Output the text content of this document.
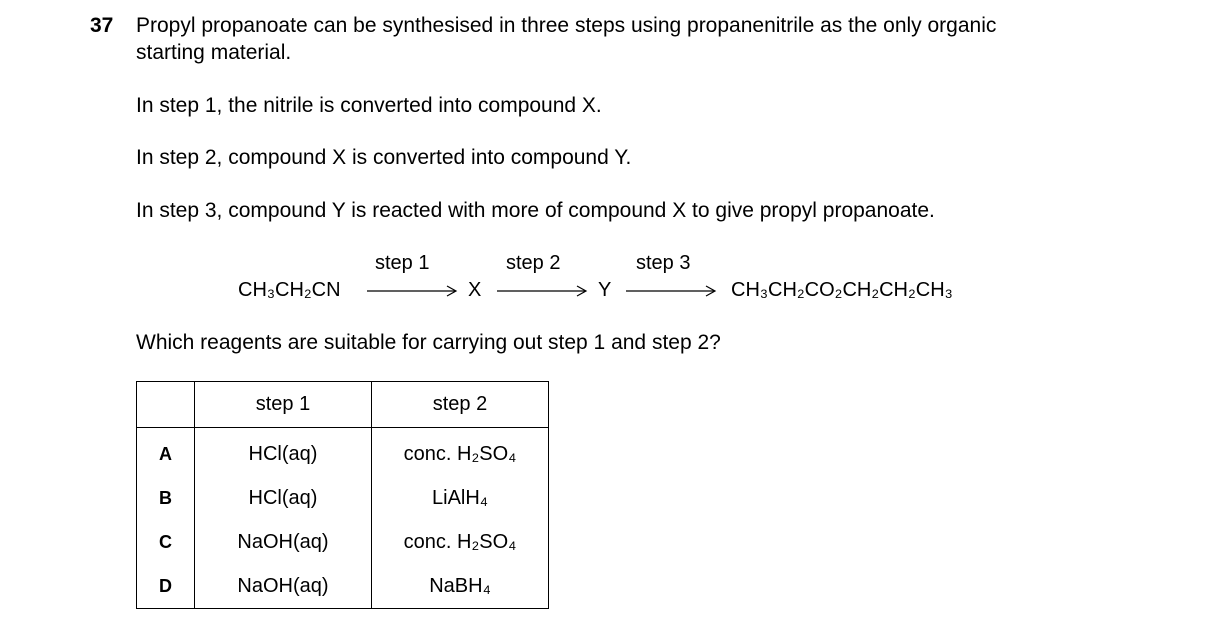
37 Propyl propanoate can be synthesised in three steps using propanenitrile as the only organic
starting material.
In step 1, the nitrile is converted into compound X.
In step 2, compound X is converted into compound Y.
In step 3, compound Y is reacted with more of compound X to give propyl propanoate.
CH₃CH₂CN
step 1
X
step 2
Y
step 3
CH₃CH₂CO₂CH₂CH₂CH₃
Which reagents are suitable for carrying out step 1 and step 2?
	step 1	step 2
A	HCl(aq)	conc. H₂SO₄
B	HCl(aq)	LiAlH₄
C	NaOH(aq)	conc. H₂SO₄
D	NaOH(aq)	NaBH₄
